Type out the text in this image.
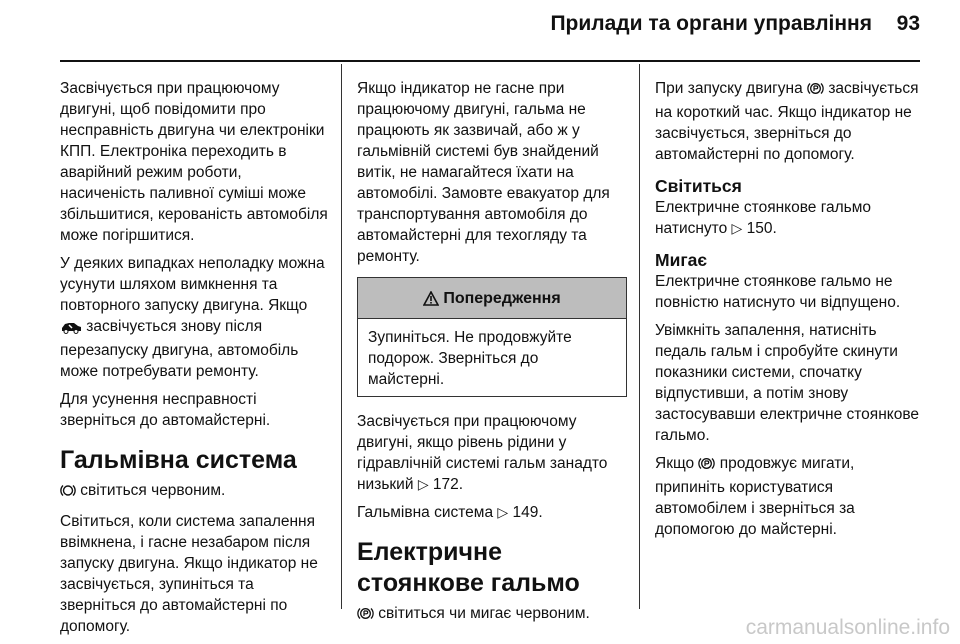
Прилади та органи управління 93

Засвічується при працюючому двигуні, щоб повідомити про несправність двигуна чи електроніки КПП. Електроніка переходить в аварійний режим роботи, насиченість паливної суміші може збільшитися, керованість автомобіля може погіршитися.

У деяких випадках неполадку можна усунути шляхом вимкнення та повторного запуску двигуна. Якщо  засвічується знову після перезапуску двигуна, автомобіль може потребувати ремонту.

Для усунення несправності зверніться до автомайстерні.

Гальмівна система

світиться червоним.

Світиться, коли система запалення ввімкнена, і гасне незабаром після запуску двигуна. Якщо індикатор не засвічується, зупиніться та зверніться до автомайстерні по допомогу.

Якщо індикатор не гасне при працюючому двигуні, гальма не працюють як зазвичай, або ж у гальмівній системі був знайдений витік, не намагайтеся їхати на автомобілі. Замовте евакуатор для транспортування автомобіля до автомайстерні для техогляду та ремонту.

Попередження
Зупиніться. Не продовжуйте подорож. Зверніться до майстерні.

Засвічується при працюючому двигуні, якщо рівень рідини у гідравлічній системі гальм занадто низький ▷ 172.

Гальмівна система ▷ 149.

Електричне стоянкове гальмо

світиться чи мигає червоним.

При запуску двигуна  засвічується на короткий час. Якщо індикатор не засвічується, зверніться до автомайстерні по допомогу.

Світиться

Електричне стоянкове гальмо натиснуто ▷ 150.

Мигає

Електричне стоянкове гальмо не повністю натиснуто чи відпущено.

Увімкніть запалення, натисніть педаль гальм і спробуйте скинути показники системи, спочатку відпустивши, а потім знову застосувавши електричне стоянкове гальмо.

Якщо  продовжує мигати, припиніть користуватися автомобілем і зверніться за допомогою до майстерні.

carmanualsonline.info
